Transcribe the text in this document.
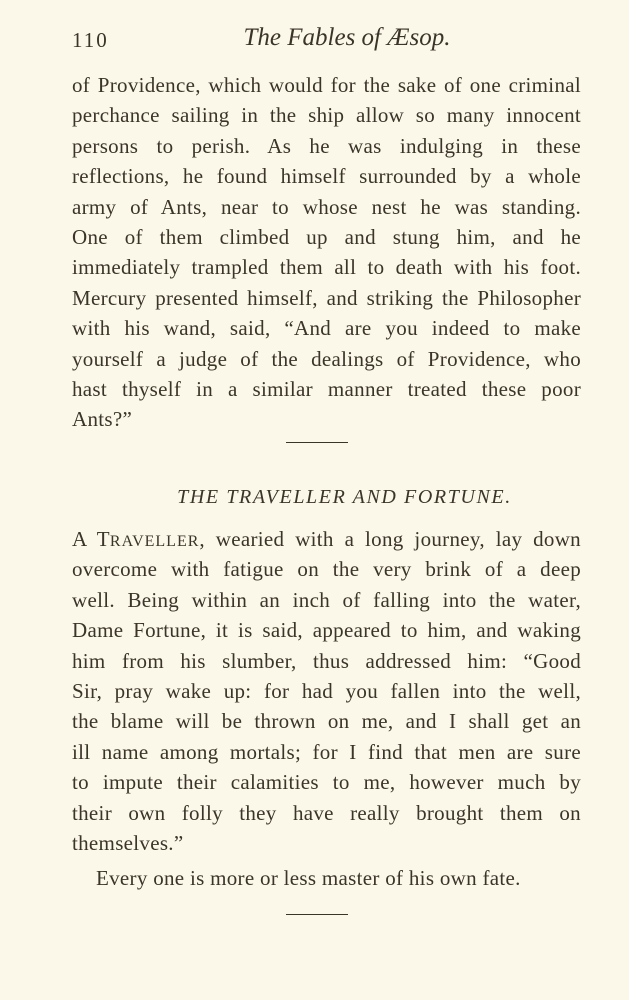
110	The Fables of Æsop.
of Providence, which would for the sake of one criminal
perchance sailing in the ship allow so many innocent
persons to perish. As he was indulging in these
reflections, he found himself surrounded by a whole
army of Ants, near to whose nest he was standing.
One of them climbed up and stung him, and he
immediately trampled them all to death with his foot.
Mercury presented himself, and striking the Philosopher
with his wand, said, “And are you indeed to make
yourself a judge of the dealings of Providence, who
hast thyself in a similar manner treated these poor
Ants?”
THE TRAVELLER AND FORTUNE.
A TRAVELLER, wearied with a long journey, lay down
overcome with fatigue on the very brink of a deep
well. Being within an inch of falling into the water,
Dame Fortune, it is said, appeared to him, and waking
him from his slumber, thus addressed him: “Good
Sir, pray wake up: for had you fallen into the well,
the blame will be thrown on me, and I shall get an
ill name among mortals; for I find that men are sure
to impute their calamities to me, however much by
their own folly they have really brought them on
themselves.”
Every one is more or less master of his own fate.
